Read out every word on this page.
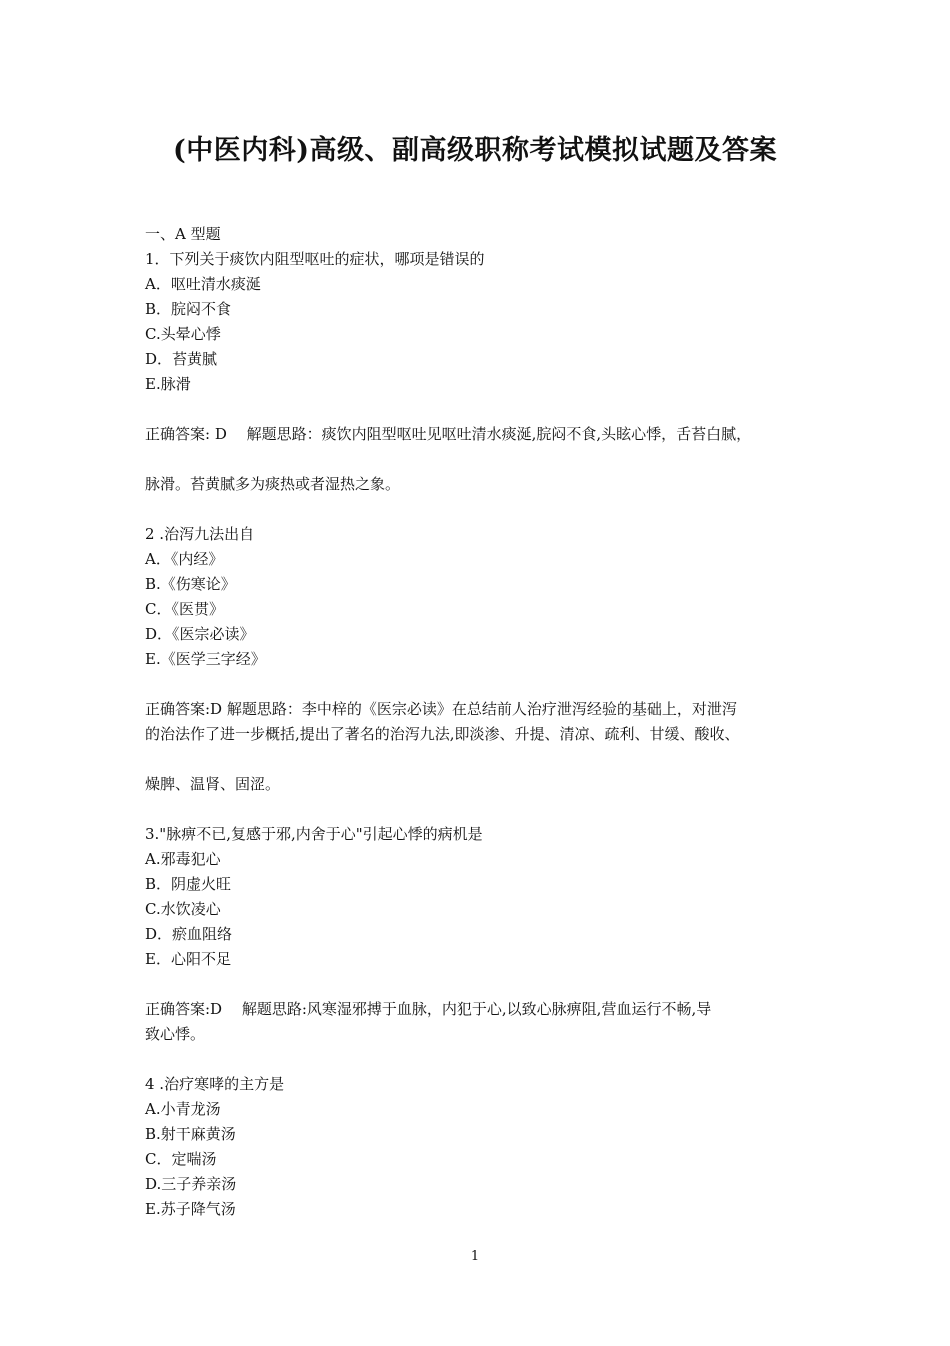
(中医内科)高级、副高级职称考试模拟试题及答案
一、A 型题
1．下列关于痰饮内阻型呕吐的症状，哪项是错误的
A．呕吐清水痰涎
B．脘闷不食
C.头晕心悸
D．苔黄腻
E.脉滑
正确答案: D　 解题思路：痰饮内阻型呕吐见呕吐清水痰涎,脘闷不食,头眩心悸，舌苔白腻，
脉滑。苔黄腻多为痰热或者湿热之象。
2 .治泻九法出自
A．《内经》
B.《伤寒论》
C．《医贯》
D．《医宗必读》
E.《医学三字经》
正确答案:D 解题思路：李中梓的《医宗必读》在总结前人治疗泄泻经验的基础上，对泄泻
的治法作了进一步概括,提出了著名的治泻九法,即淡渗、升提、清凉、疏利、甘缓、酸收、
燥脾、温肾、固涩。
3."脉痹不已,复感于邪,内舍于心"引起心悸的病机是
A.邪毒犯心
B．阴虚火旺
C.水饮凌心
D．瘀血阻络
E．心阳不足
正确答案:D　 解题思路:风寒湿邪搏于血脉，内犯于心,以致心脉痹阻,营血运行不畅,导
致心悸。
4 .治疗寒哮的主方是
A.小青龙汤
B.射干麻黄汤
C．定喘汤
D.三子养亲汤
E.苏子降气汤
1
